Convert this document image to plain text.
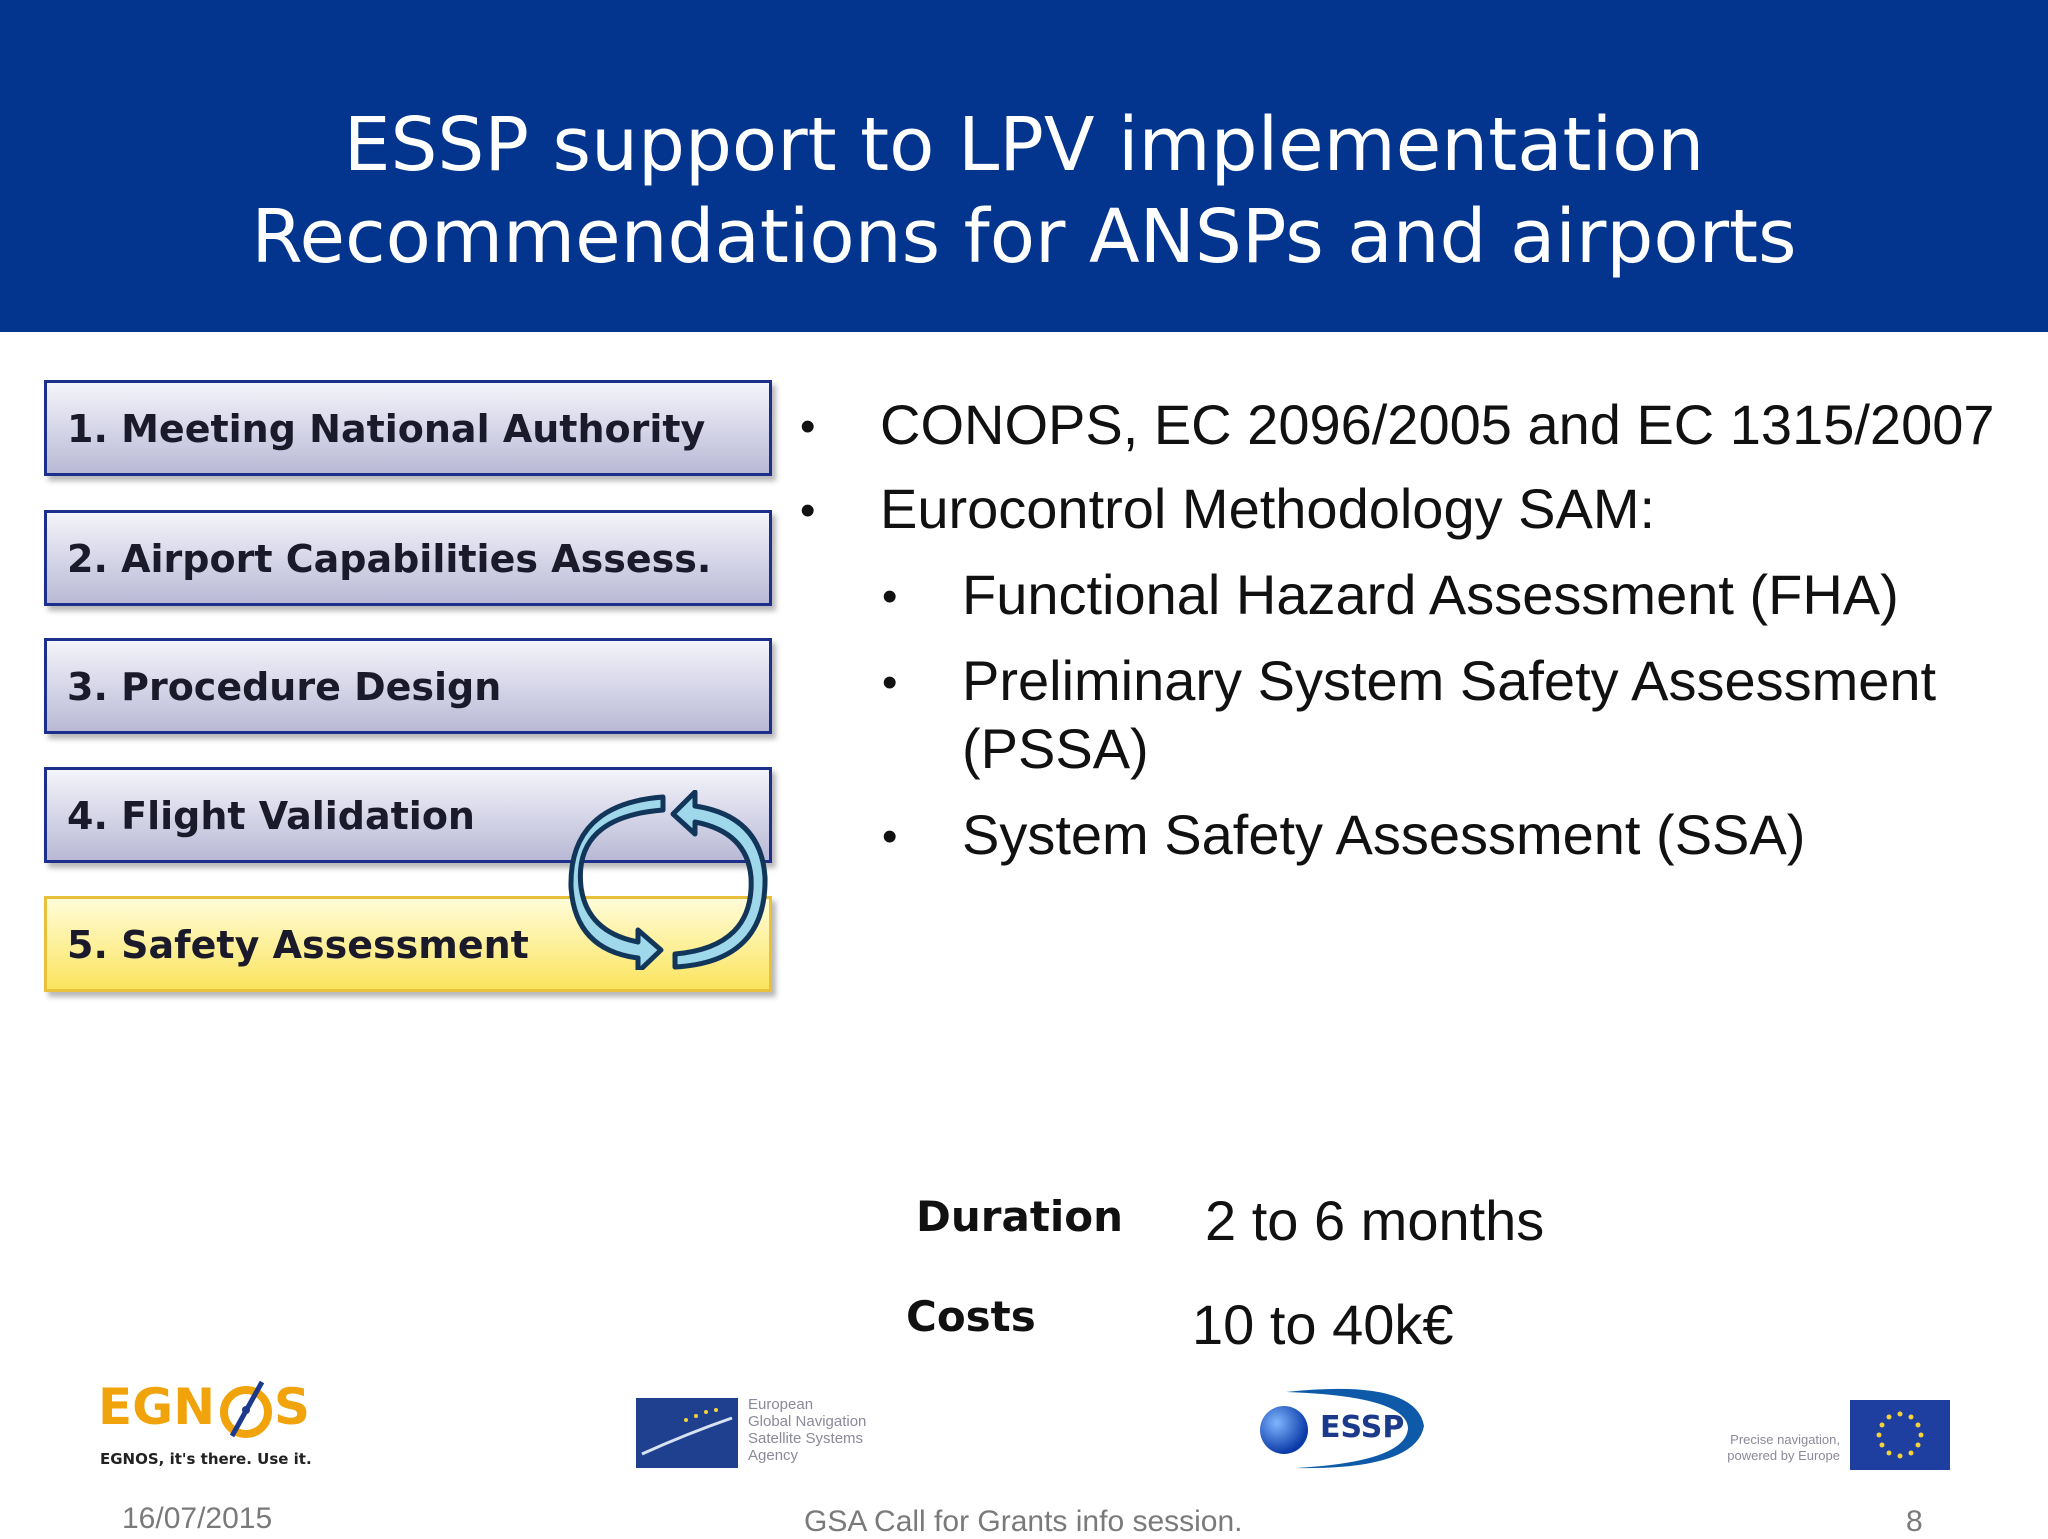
ESSP support to LPV implementation
Recommendations for ANSPs and airports
1. Meeting National Authority
2. Airport Capabilities Assess.
3. Procedure Design
4. Flight Validation
5. Safety Assessment
• CONOPS, EC 2096/2005 and EC 1315/2007
• Eurocontrol Methodology SAM:
• Functional Hazard Assessment (FHA)
• Preliminary System Safety Assessment
(PSSA)
• System Safety Assessment (SSA)
Duration 2 to 6 months
Costs	10 to 40k€
EGN S
EGNOS, it's there. Use it.
European
Global Navigation
Satellite Systems
Agency
ESSP	Precise navigation,
powered by Europe
16/07/2015	GSA Call for Grants info session.	8
